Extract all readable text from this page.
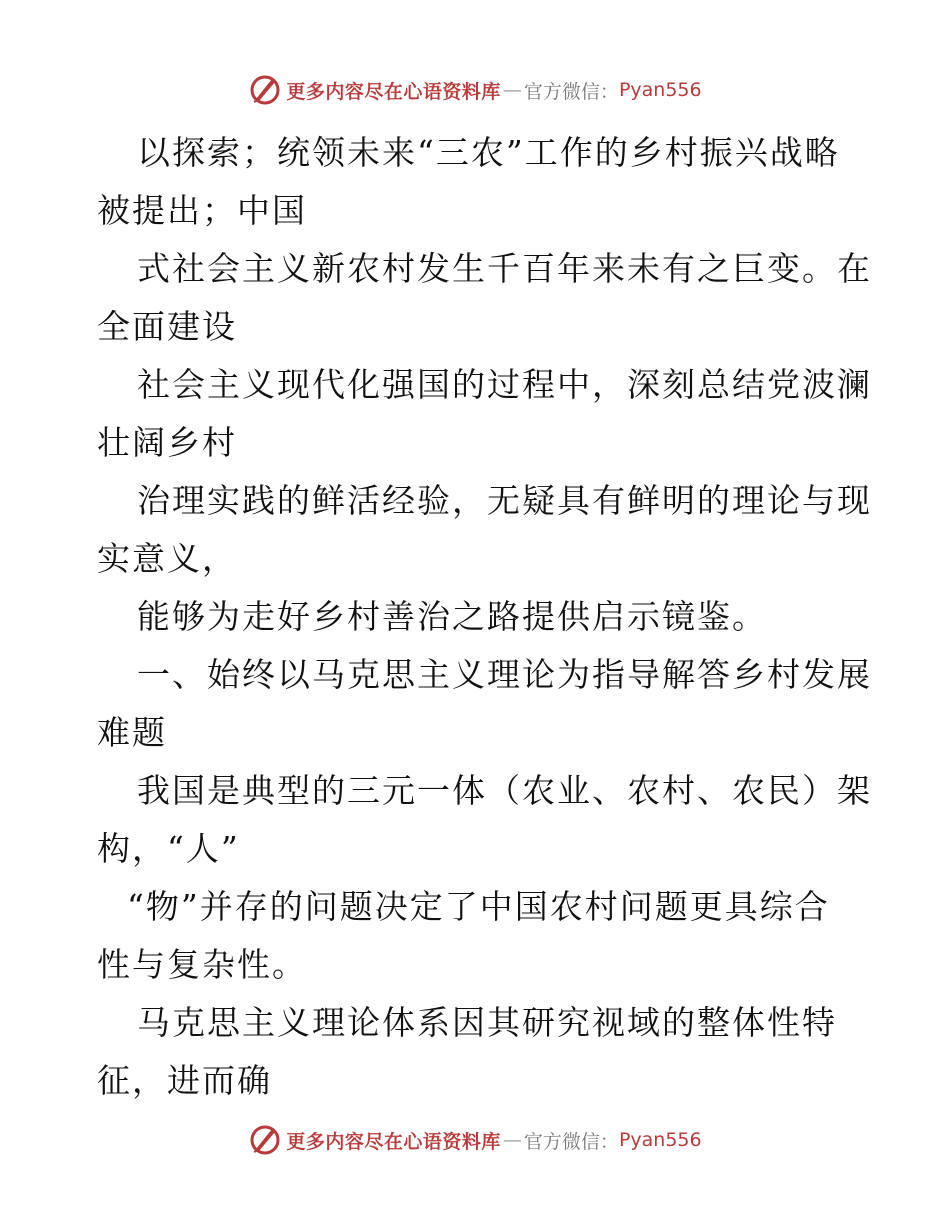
更多内容尽在心语资料库 — 官方微信： Pyan556
以探索；统领未来“三农”工作的乡村振兴战略
被提出；中国
式社会主义新农村发生千百年来未有之巨变。在
全面建设
社会主义现代化强国的过程中，深刻总结党波澜
壮阔乡村
治理实践的鲜活经验，无疑具有鲜明的理论与现
实意义，
能够为走好乡村善治之路提供启示镜鉴。
一、始终以马克思主义理论为指导解答乡村发展
难题
我国是典型的三元一体（农业、农村、农民）架
构，“人”
“物”并存的问题决定了中国农村问题更具综合
性与复杂性。
马克思主义理论体系因其研究视域的整体性特
征，进而确
更多内容尽在心语资料库 — 官方微信： Pyan556
